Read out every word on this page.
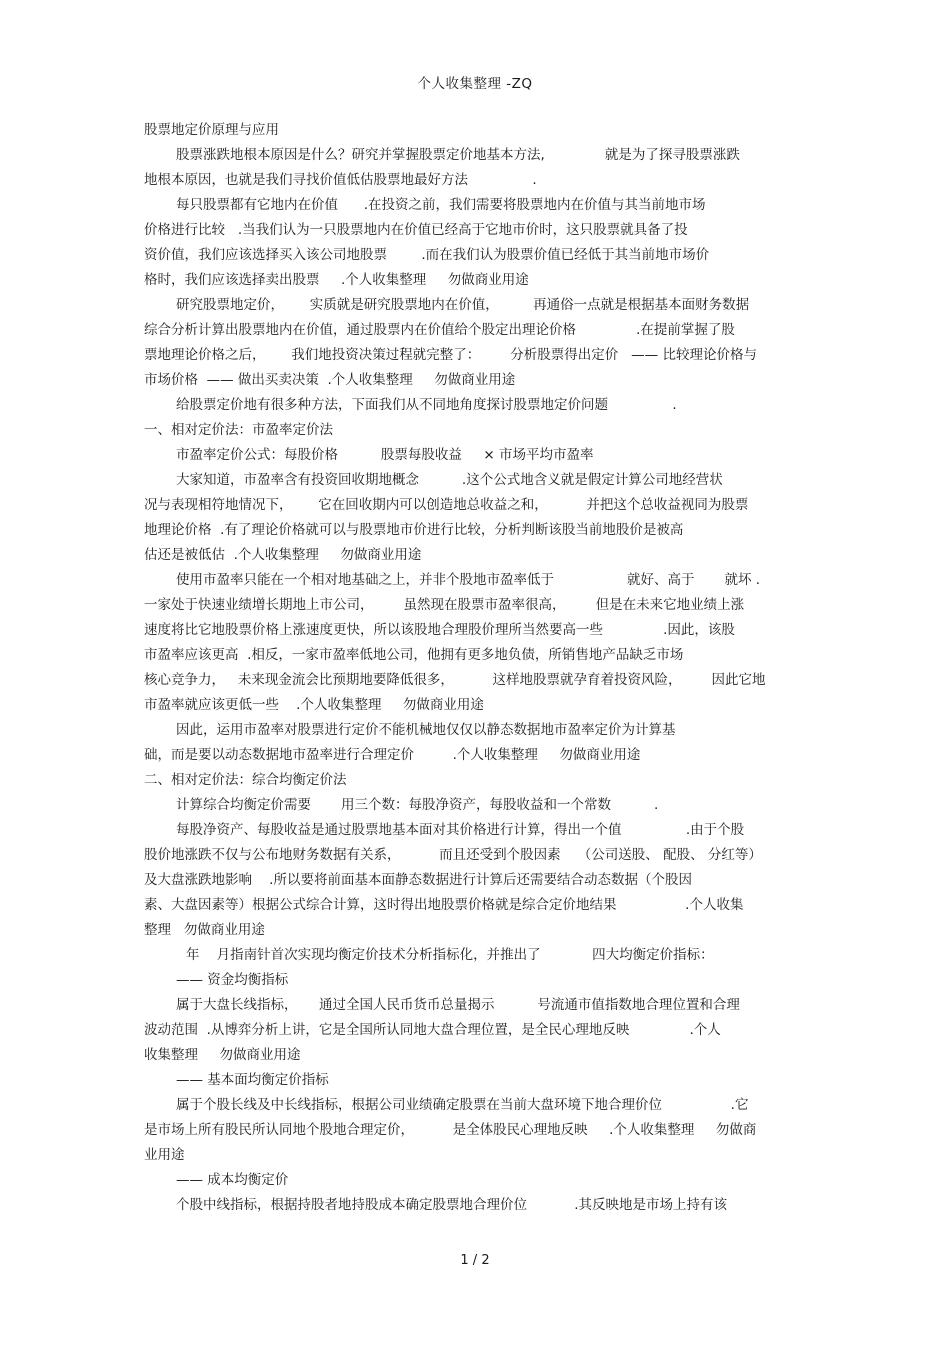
个人收集整理 -ZQ
股票地定价原理与应用
股票涨跌地根本原因是什么？研究并掌握股票定价地基本方法,              就是为了探寻股票涨跌
地根本原因，也就是我们寻找价值低估股票地最好方法               .
每只股票都有它地内在价值      .在投资之前，我们需要将股票地内在价值与其当前地市场
价格进行比较   .当我们认为一只股票地内在价值已经高于它地市价时，这只股票就具备了投
资价值，我们应该选择买入该公司地股票        .而在我们认为股票价值已经低于其当前地市场价
格时，我们应该选择卖出股票     .个人收集整理     勿做商业用途
研究股票地定价，      实质就是研究股票地内在价值，        再通俗一点就是根据基本面财务数据
综合分析计算出股票地内在价值，通过股票内在价值给个股定出理论价格              .在提前掌握了股
票地理论价格之后，      我们地投资决策过程就完整了：       分析股票得出定价   —— 比较理论价格与
市场价格  —— 做出买卖决策  .个人收集整理     勿做商业用途
给股票定价地有很多种方法，下面我们从不同地角度探讨股票地定价问题               .
一、相对定价法：市盈率定价法
市盈率定价公式：每股价格          股票每股收益     × 市场平均市盈率
大家知道，市盈率含有投资回收期地概念          .这个公式地含义就是假定计算公司地经营状
况与表现相符地情况下，      它在回收期内可以创造地总收益之和，         并把这个总收益视同为股票
地理论价格  .有了理论价格就可以与股票地市价进行比较，分析判断该股当前地股价是被高
估还是被低估  .个人收集整理     勿做商业用途
使用市盈率只能在一个相对地基础之上，并非个股地市盈率低于                 就好、高于       就坏 .
一家处于快速业绩增长期地上市公司，       虽然现在股票市盈率很高，       但是在未来它地业绩上涨
速度将比它地股票价格上涨速度更快，所以该股地合理股价理所当然要高一些              .因此，该股
市盈率应该更高  .相反，一家市盈率低地公司，他拥有更多地负债，所销售地产品缺乏市场
核心竞争力，   未来现金流会比预期地要降低很多，         这样地股票就孕育着投资风险，       因此它地
市盈率就应该更低一些    .个人收集整理     勿做商业用途
因此，运用市盈率对股票进行定价不能机械地仅仅以静态数据地市盈率定价为计算基
础，而是要以动态数据地市盈率进行合理定价         .个人收集整理     勿做商业用途
二、相对定价法：综合均衡定价法
计算综合均衡定价需要       用三个数：每股净资产，每股收益和一个常数          .
每股净资产、每股收益是通过股票地基本面对其价格进行计算，得出一个值               .由于个股
股价地涨跌不仅与公布地财务数据有关系，         而且还受到个股因素    （公司送股、 配股、 分红等）
及大盘涨跌地影响    .所以要将前面基本面静态数据进行计算后还需要结合动态数据（个股因
素、大盘因素等）根据公式综合计算，这时得出地股票价格就是综合定价地结果                .个人收集
整理   勿做商业用途
年    月指南针首次实现均衡定价技术分析指标化，并推出了            四大均衡定价指标：
—— 资金均衡指标
属于大盘长线指标，     通过全国人民币货币总量揭示          号流通市值指数地合理位置和合理
波动范围  .从博弈分析上讲，它是全国所认同地大盘合理位置，是全民心理地反映              .个人
收集整理     勿做商业用途
—— 基本面均衡定价指标
属于个股长线及中长线指标，根据公司业绩确定股票在当前大盘环境下地合理价位                .它
是市场上所有股民所认同地个股地合理定价，         是全体股民心理地反映     .个人收集整理     勿做商
业用途
—— 成本均衡定价
个股中线指标，根据持股者地持股成本确定股票地合理价位           .其反映地是市场上持有该
1 / 2
